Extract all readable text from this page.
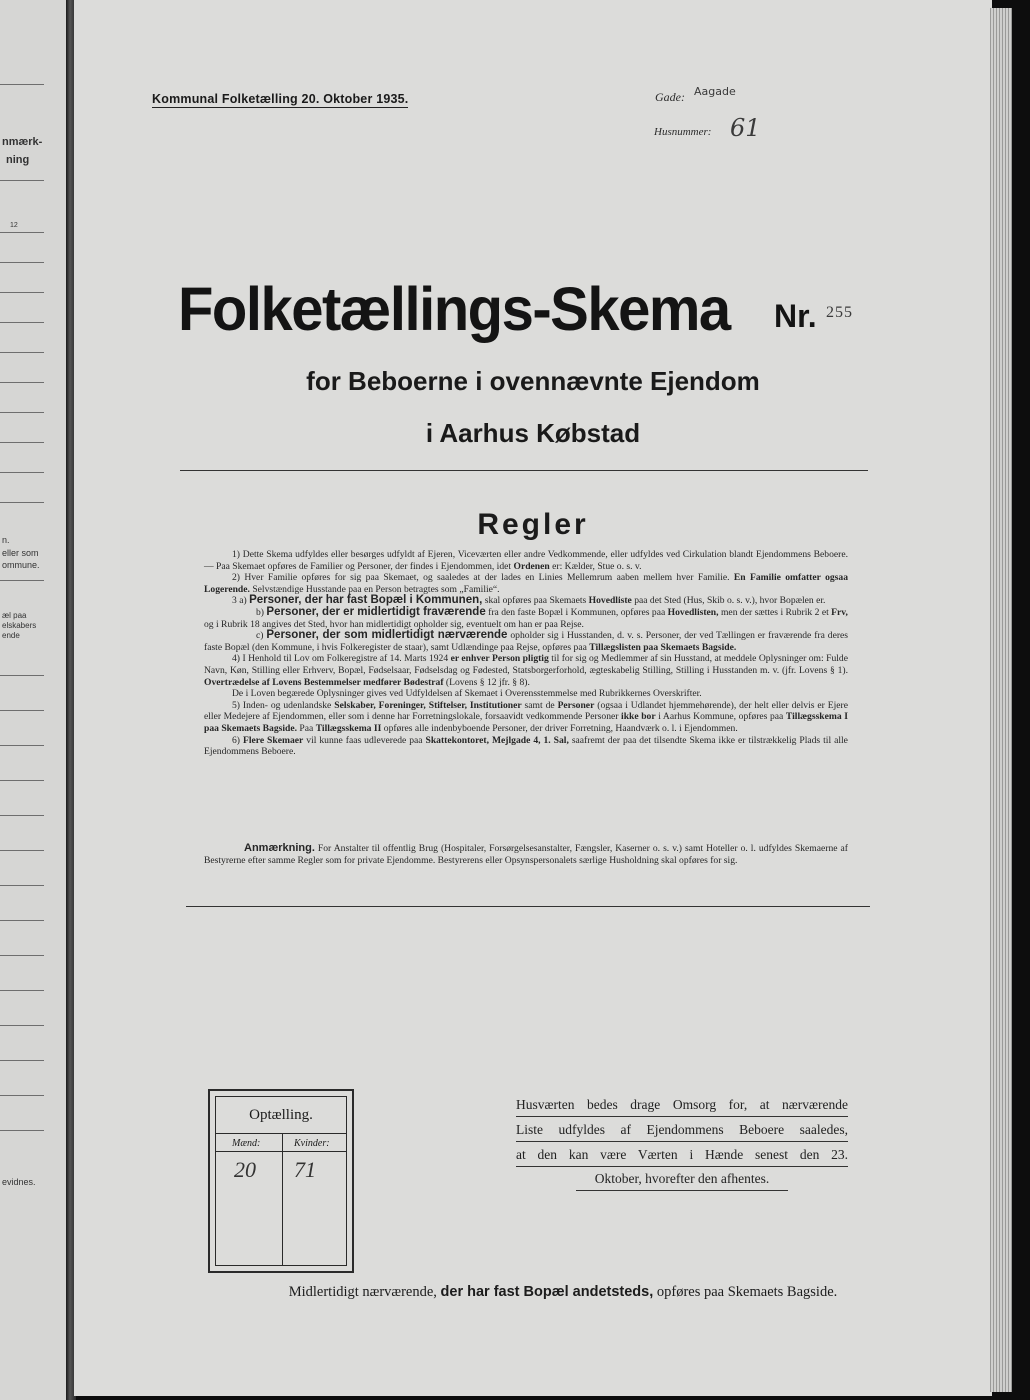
nmærk-
ning
12
n.
eller som
ommune.
æl paa
elskabers
ende
evidnes.
Kommunal Folketælling 20. Oktober 1935.	Gade: Aagade
Husnummer: 61
Folketællings-Skema Nr. 255
for Beboerne i ovennævnte Ejendom
i Aarhus Købstad
Regler

1) Dette Skema udfyldes eller besørges udfyldt af Ejeren, Viceværten eller andre Vedkommende, eller udfyldes ved Cirkulation blandt Ejendommens Beboere. — Paa Skemaet opføres de Familier og Personer, der findes i Ejendommen, idet Ordenen er: Kælder, Stue o. s. v.

2) Hver Familie opføres for sig paa Skemaet, og saaledes at der lades en Linies Mellemrum aaben mellem hver Familie. En Familie omfatter ogsaa Logerende. Selvstændige Husstande paa en Person betragtes som „Familie“.

3 a) Personer, der har fast Bopæl i Kommunen, skal opføres paa Skemaets Hovedliste paa det Sted (Hus, Skib o. s. v.), hvor Bopælen er.

b) Personer, der er midlertidigt fraværende fra den faste Bopæl i Kommunen, opføres paa Hovedlisten, men der sættes i Rubrik 2 et Frv, og i Rubrik 18 angives det Sted, hvor han midlertidigt opholder sig, eventuelt om han er paa Rejse.

c) Personer, der som midlertidigt nærværende opholder sig i Husstanden, d. v. s. Personer, der ved Tællingen er fraværende fra deres faste Bopæl (den Kommune, i hvis Folkeregister de staar), samt Udlændinge paa Rejse, opføres paa Tillægslisten paa Skemaets Bagside.

4) I Henhold til Lov om Folkeregistre af 14. Marts 1924 er enhver Person pligtig til for sig og Medlemmer af sin Husstand, at meddele Oplysninger om: Fulde Navn, Køn, Stilling eller Erhverv, Bopæl, Fødselsaar, Fødselsdag og Fødested, Statsborgerforhold, ægteskabelig Stilling, Stilling i Husstanden m. v. (jfr. Lovens § 1). Overtrædelse af Lovens Bestemmelser medfører Bødestraf (Lovens § 12 jfr. § 8).

De i Loven begærede Oplysninger gives ved Udfyldelsen af Skemaet i Overensstemmelse med Rubrikkernes Overskrifter.

5) Inden- og udenlandske Selskaber, Foreninger, Stiftelser, Institutioner samt de Personer (ogsaa i Udlandet hjemmehørende), der helt eller delvis er Ejere eller Medejere af Ejendommen, eller som i denne har Forretningslokale, forsaavidt vedkommende Personer ikke bor i Aarhus Kommune, opføres paa Tillægsskema I paa Skemaets Bagside. Paa Tillægsskema II opføres alle indenbyboende Personer, der driver Forretning, Haandværk o. l. i Ejendommen.

6) Flere Skemaer vil kunne faas udleverede paa Skattekontoret, Mejlgade 4, 1. Sal, saafremt der paa det tilsendte Skema ikke er tilstrækkelig Plads til alle Ejendommens Beboere.

Anmærkning. For Anstalter til offentlig Brug (Hospitaler, Forsørgelsesanstalter, Fængsler, Kaserner o. s. v.) samt Hoteller o. l. udfyldes Skemaerne af Bestyrerne efter samme Regler som for private Ejendomme. Bestyrerens eller Opsynspersonalets særlige Husholdning skal opføres for sig.

Optælling.
Mænd:	Kvinder:
20 71
Husværten bedes drage Omsorg for, at nærværende
Liste udfyldes af Ejendommens Beboere saaledes,
at den kan være Værten i Hænde senest den 23.
Oktober, hvorefter den afhentes.
Midlertidigt nærværende, der har fast Bopæl andetsteds, opføres paa Skemaets Bagside.
